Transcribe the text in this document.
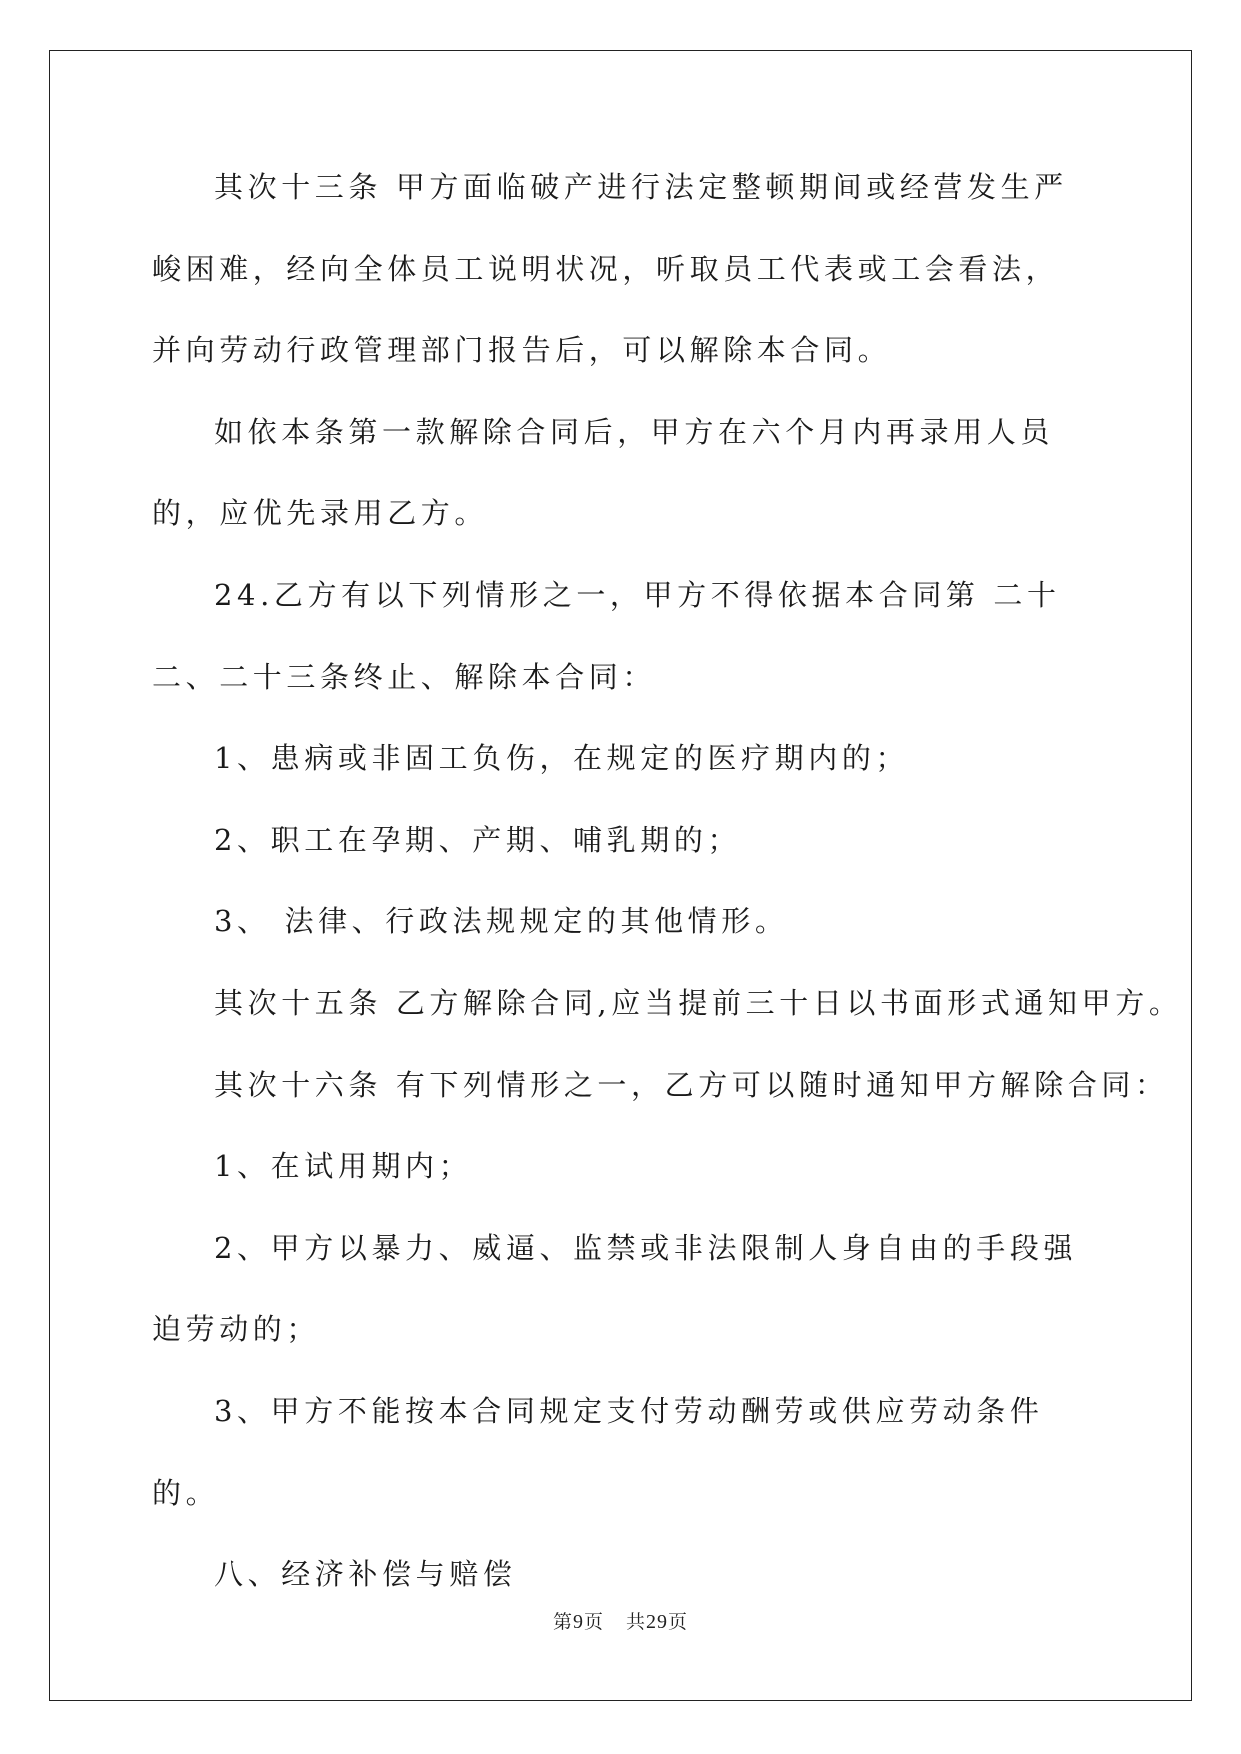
其次十三条 甲方面临破产进行法定整顿期间或经营发生严峻困难，经向全体员工说明状况，听取员工代表或工会看法，并向劳动行政管理部门报告后，可以解除本合同。

如依本条第一款解除合同后，甲方在六个月内再录用人员的，应优先录用乙方。

24.乙方有以下列情形之一，甲方不得依据本合同第 二十二、二十三条终止、解除本合同：

1、患病或非固工负伤，在规定的医疗期内的；

2、职工在孕期、产期、哺乳期的；

3、 法律、行政法规规定的其他情形。

其次十五条 乙方解除合同,应当提前三十日以书面形式通知甲方。

其次十六条 有下列情形之一，乙方可以随时通知甲方解除合同：

1、在试用期内；

2、甲方以暴力、威逼、监禁或非法限制人身自由的手段强迫劳动的；

3、甲方不能按本合同规定支付劳动酬劳或供应劳动条件的。

八、经济补偿与赔偿

第9页 共29页
